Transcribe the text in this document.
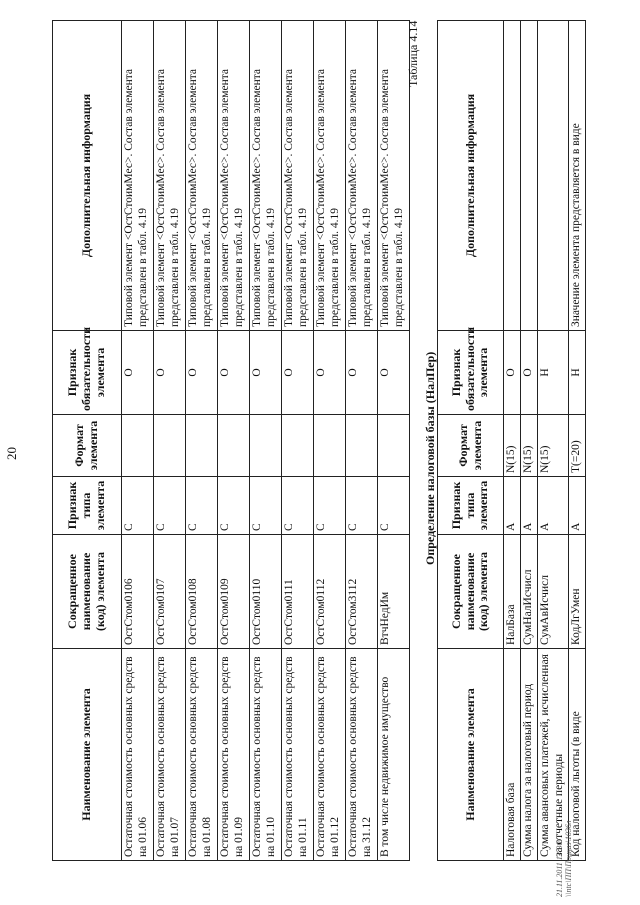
20
Наименование элемента	Сокращенное наименование (код) элемента	Признак типа элемента	Формат элемента	Признак обязательности элемента	Дополнительная информация
Остаточная стоимость основных средств на 01.06	ОстСтом0106	С		О	Типовой элемент <ОстСтоимМес>. Состав элемента представлен в табл. 4.19
Остаточная стоимость основных средств на 01.07	ОстСтом0107	С		О	Типовой элемент <ОстСтоимМес>. Состав элемента представлен в табл. 4.19
Остаточная стоимость основных средств на 01.08	ОстСтом0108	С		О	Типовой элемент <ОстСтоимМес>. Состав элемента представлен в табл. 4.19
Остаточная стоимость основных средств на 01.09	ОстСтом0109	С		О	Типовой элемент <ОстСтоимМес>. Состав элемента представлен в табл. 4.19
Остаточная стоимость основных средств на 01.10	ОстСтом0110	С		О	Типовой элемент <ОстСтоимМес>. Состав элемента представлен в табл. 4.19
Остаточная стоимость основных средств на 01.11	ОстСтом0111	С		О	Типовой элемент <ОстСтоимМес>. Состав элемента представлен в табл. 4.19
Остаточная стоимость основных средств на 01.12	ОстСтом0112	С		О	Типовой элемент <ОстСтоимМес>. Состав элемента представлен в табл. 4.19
Остаточная стоимость основных средств на 31.12	ОстСтом3112	С		О	Типовой элемент <ОстСтоимМес>. Состав элемента представлен в табл. 4.19
В том числе недвижимое имущество	ВтчНедИм	С		О	Типовой элемент <ОстСтоимМес>. Состав элемента представлен в табл. 4.19
Таблица 4.14
Определение налоговой базы (НалПер)
Наименование элемента	Сокращенное наименование (код) элемента	Признак типа элемента	Формат элемента	Признак обязательности элемента	Дополнительная информация
Налоговая база	НалБаза	А	N(15)	О	
Сумма налога за налоговый период	СумНалИсчисл	А	N(15)	О	
Сумма авансовых платежей, исчисленная за отчетные периоды	СумАвИсчисл	А	N(15)	Н	
Код налоговой льготы (в виде	КодЛгУмен	А	Т(=20)	Н	Значение элемента представляется в виде
21.11.2011 12:30 \\ntc\ПП\Приказ\1036л
